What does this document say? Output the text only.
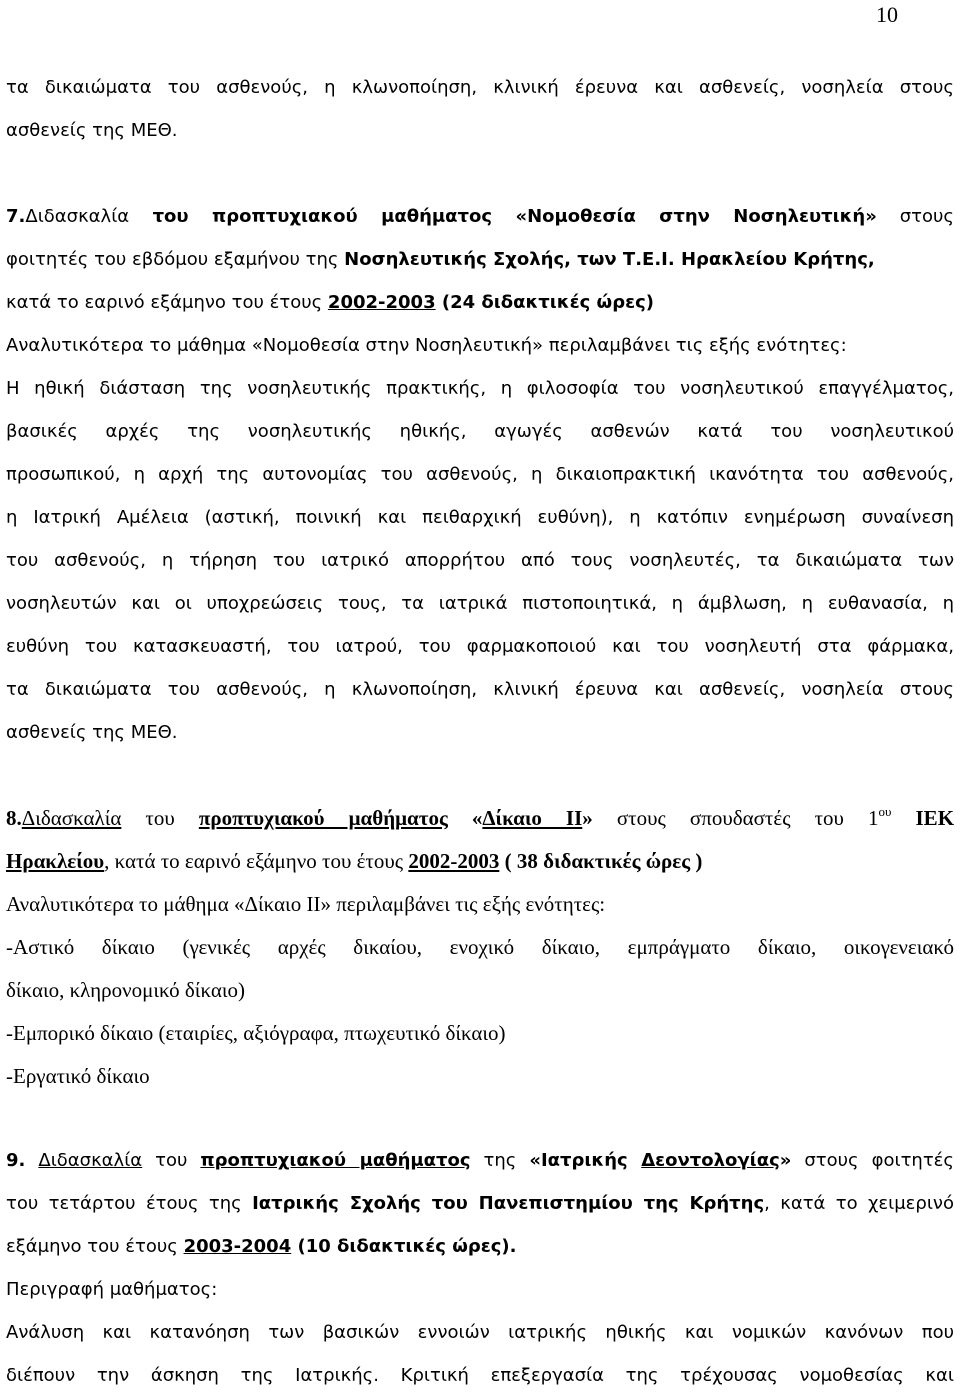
10
τα δικαιώματα του ασθενούς, η κλωνοποίηση, κλινική έρευνα και ασθενείς, νοσηλεία στους
ασθενείς της ΜΕΘ.
7.Διδασκαλία του προπτυχιακού μαθήματος «Νομοθεσία στην Νοσηλευτική» στους
φοιτητές του εβδόμου εξαμήνου της Νοσηλευτικής Σχολής, των Τ.Ε.Ι. Ηρακλείου Κρήτης,
κατά το εαρινό εξάμηνο του έτους 2002-2003 (24 διδακτικές ώρες)
Αναλυτικότερα το μάθημα «Νομοθεσία στην Νοσηλευτική» περιλαμβάνει τις εξής ενότητες:
Η ηθική διάσταση της νοσηλευτικής πρακτικής, η φιλοσοφία του νοσηλευτικού επαγγέλματος,
βασικές αρχές της νοσηλευτικής ηθικής, αγωγές ασθενών κατά του νοσηλευτικού
προσωπικού, η αρχή της αυτονομίας του ασθενούς, η δικαιοπρακτική ικανότητα του ασθενούς,
η Ιατρική Αμέλεια (αστική, ποινική και πειθαρχική ευθύνη), η κατόπιν ενημέρωση συναίνεση
του ασθενούς, η τήρηση του ιατρικό απορρήτου από τους νοσηλευτές, τα δικαιώματα των
νοσηλευτών και οι υποχρεώσεις τους, τα ιατρικά πιστοποιητικά, η άμβλωση, η ευθανασία, η
ευθύνη του κατασκευαστή, του ιατρού, του φαρμακοποιού και του νοσηλευτή στα φάρμακα,
τα δικαιώματα του ασθενούς, η κλωνοποίηση, κλινική έρευνα και ασθενείς, νοσηλεία στους
ασθενείς της ΜΕΘ.
8.Διδασκαλία του προπτυχιακού μαθήματος «Δίκαιο ΙΙ» στους σπουδαστές του $1^{o\upsilon}$ ΙΕΚ
Ηρακλείου, κατά το εαρινό εξάμηνο του έτους 2002-2003 ( 38 διδακτικές ώρες )
Αναλυτικότερα το μάθημα «Δίκαιο ΙΙ» περιλαμβάνει τις εξής ενότητες:
-Αστικό δίκαιο (γενικές αρχές δικαίου, ενοχικό δίκαιο, εμπράγματο δίκαιο, οικογενειακό
δίκαιο, κληρονομικό δίκαιο)
-Εμπορικό δίκαιο (εταιρίες, αξιόγραφα, πτωχευτικό δίκαιο)
-Εργατικό δίκαιο
9. Διδασκαλία του προπτυχιακού μαθήματος της «Ιατρικής Δεοντολογίας» στους φοιτητές
του τετάρτου έτους της Ιατρικής Σχολής του Πανεπιστημίου της Κρήτης, κατά το χειμερινό
εξάμηνο του έτους 2003-2004 (10 διδακτικές ώρες).
Περιγραφή μαθήματος:
Ανάλυση και κατανόηση των βασικών εννοιών ιατρικής ηθικής και νομικών κανόνων που
διέπουν την άσκηση της Ιατρικής. Κριτική επεξεργασία της τρέχουσας νομοθεσίας και
